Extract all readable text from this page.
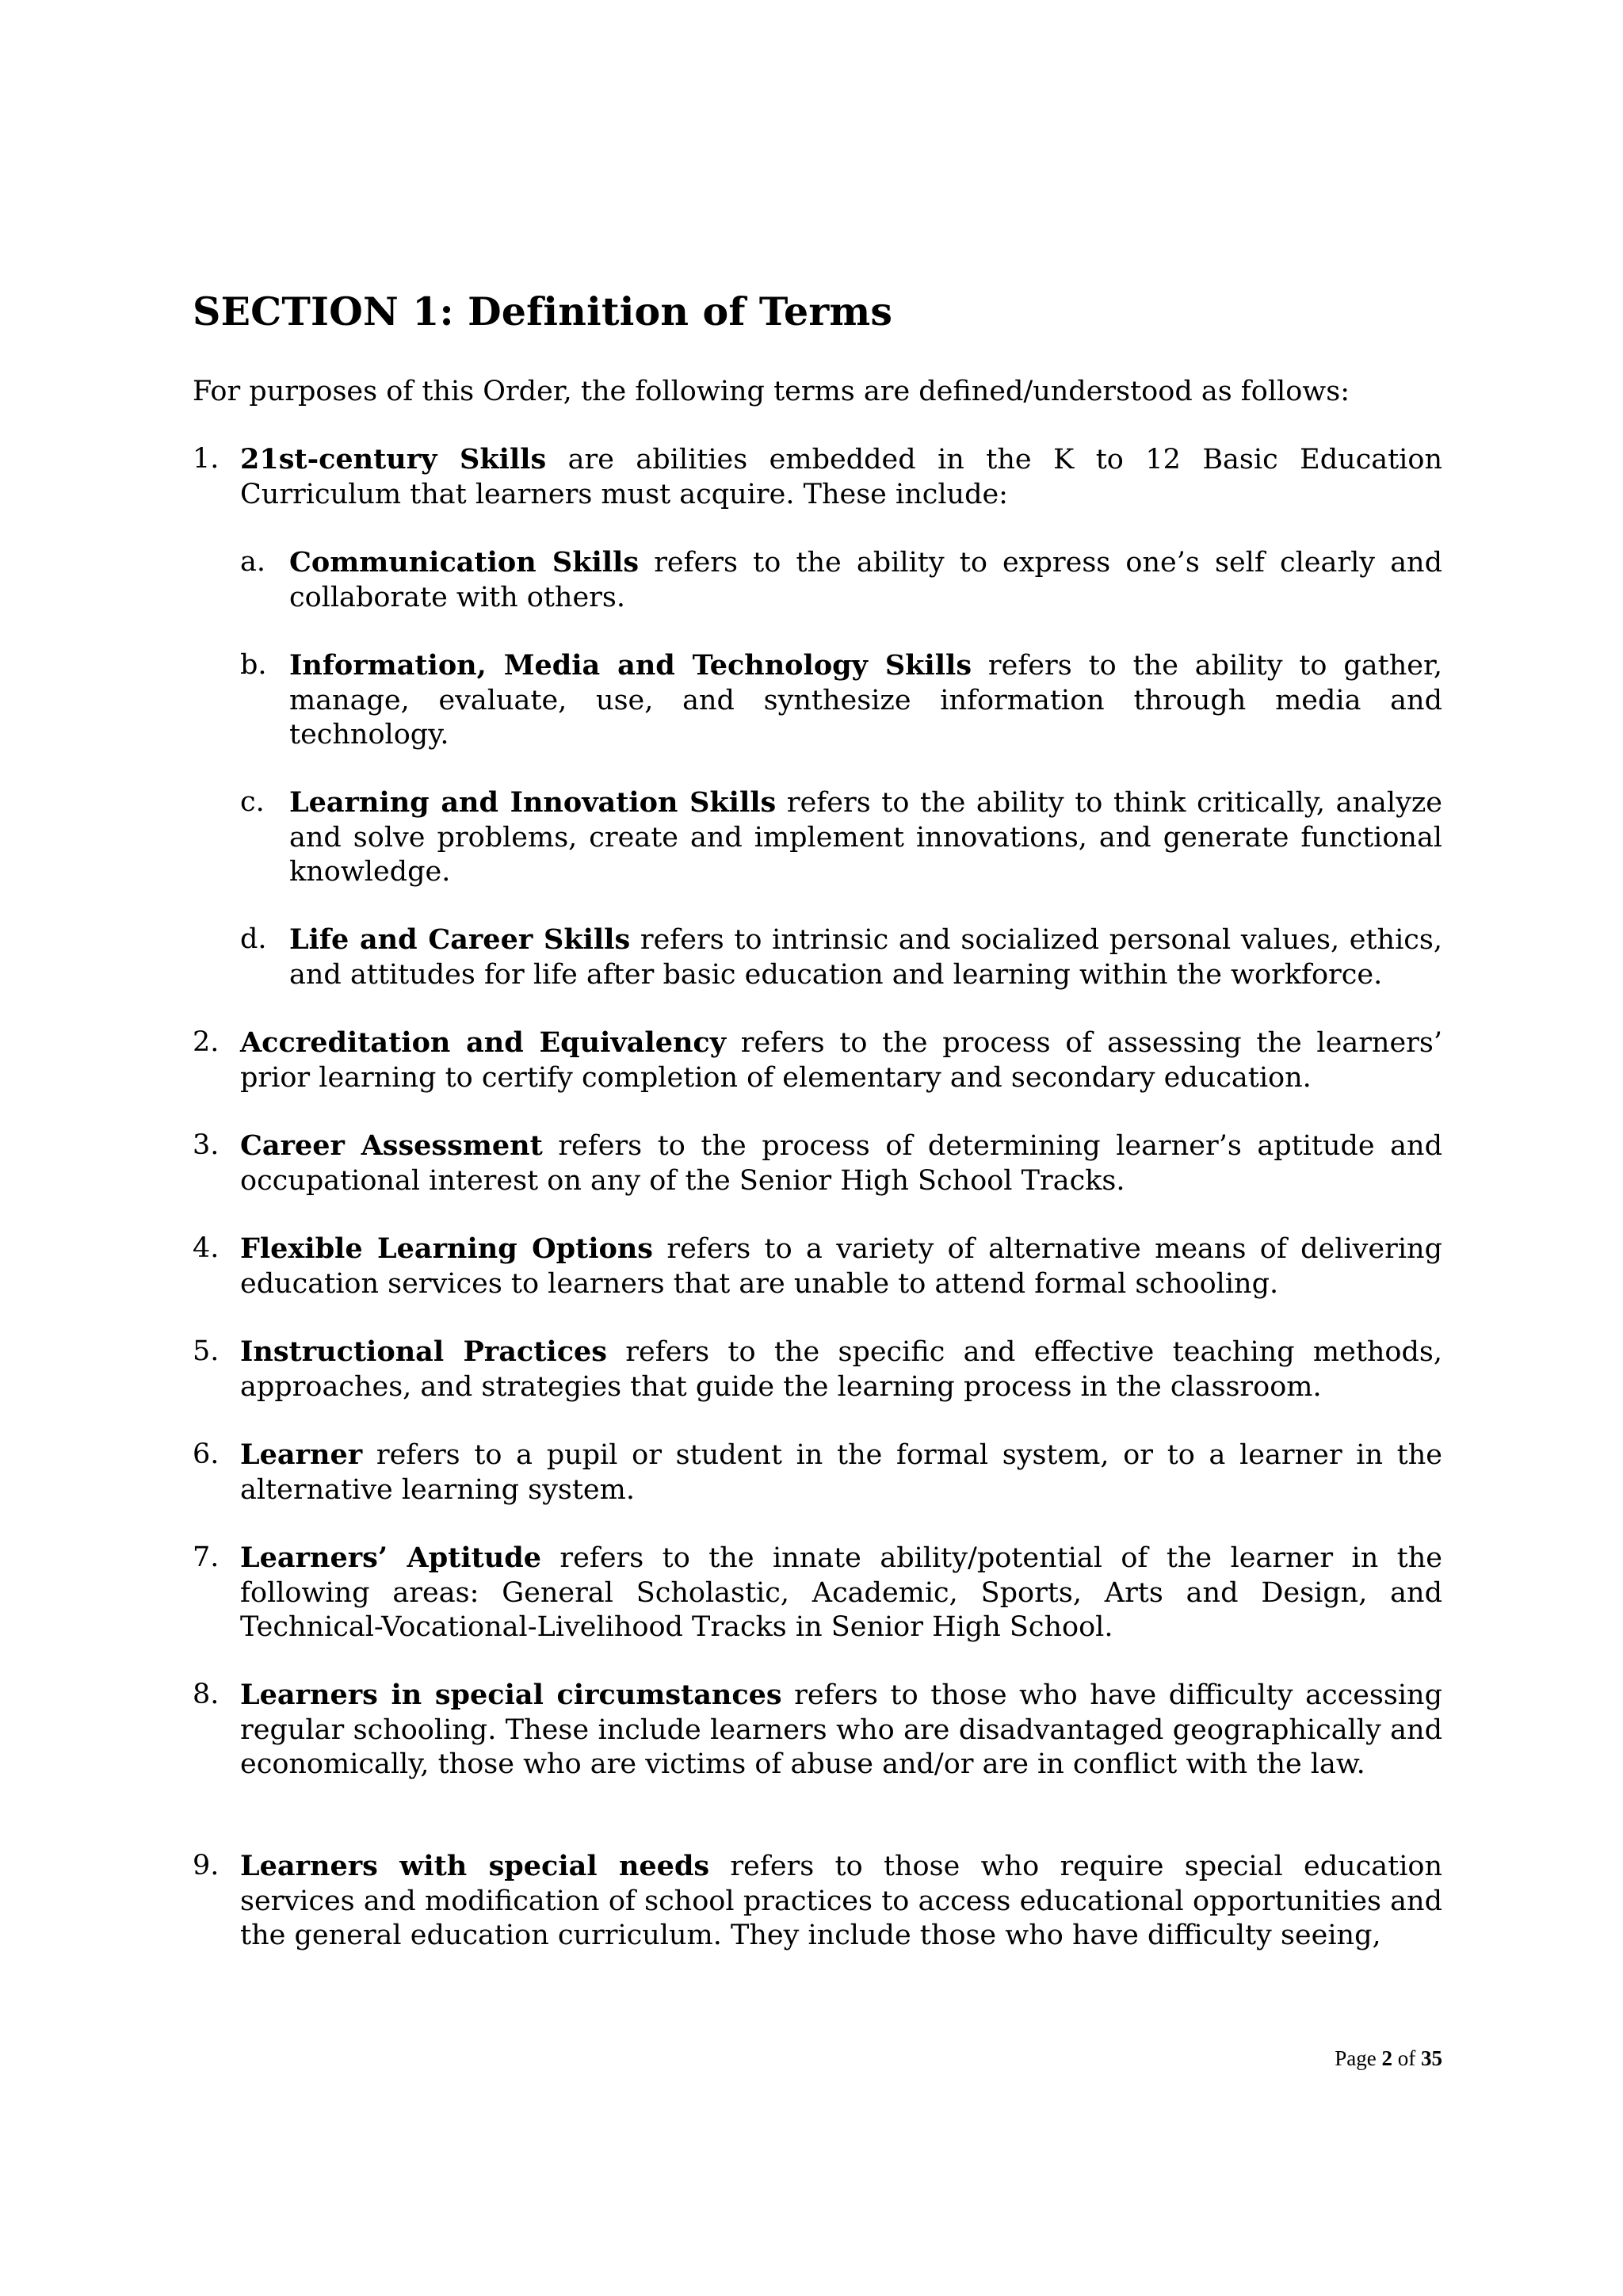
SECTION 1: Definition of Terms

For purposes of this Order, the following terms are defined/understood as follows:

1. 21st-century Skills are abilities embedded in the K to 12 Basic Education Curriculum that learners must acquire. These include:

a. Communication Skills refers to the ability to express one’s self clearly and collaborate with others.

b. Information, Media and Technology Skills refers to the ability to gather, manage, evaluate, use, and synthesize information through media and technology.

c. Learning and Innovation Skills refers to the ability to think critically, analyze and solve problems, create and implement innovations, and generate functional knowledge.

d. Life and Career Skills refers to intrinsic and socialized personal values, ethics, and attitudes for life after basic education and learning within the workforce.

2. Accreditation and Equivalency refers to the process of assessing the learners’ prior learning to certify completion of elementary and secondary education.

3. Career Assessment refers to the process of determining learner’s aptitude and occupational interest on any of the Senior High School Tracks.

4. Flexible Learning Options refers to a variety of alternative means of delivering education services to learners that are unable to attend formal schooling.

5. Instructional Practices refers to the specific and effective teaching methods, approaches, and strategies that guide the learning process in the classroom.

6. Learner refers to a pupil or student in the formal system, or to a learner in the alternative learning system.

7. Learners’ Aptitude refers to the innate ability/potential of the learner in the following areas: General Scholastic, Academic, Sports, Arts and Design, and Technical-Vocational-Livelihood Tracks in Senior High School.

8. Learners in special circumstances refers to those who have difficulty accessing regular schooling. These include learners who are disadvantaged geographically and economically, those who are victims of abuse and/or are in conflict with the law.

9. Learners with special needs refers to those who require special education services and modification of school practices to access educational opportunities and the general education curriculum. They include those who have difficulty seeing,

Page 2 of 35
